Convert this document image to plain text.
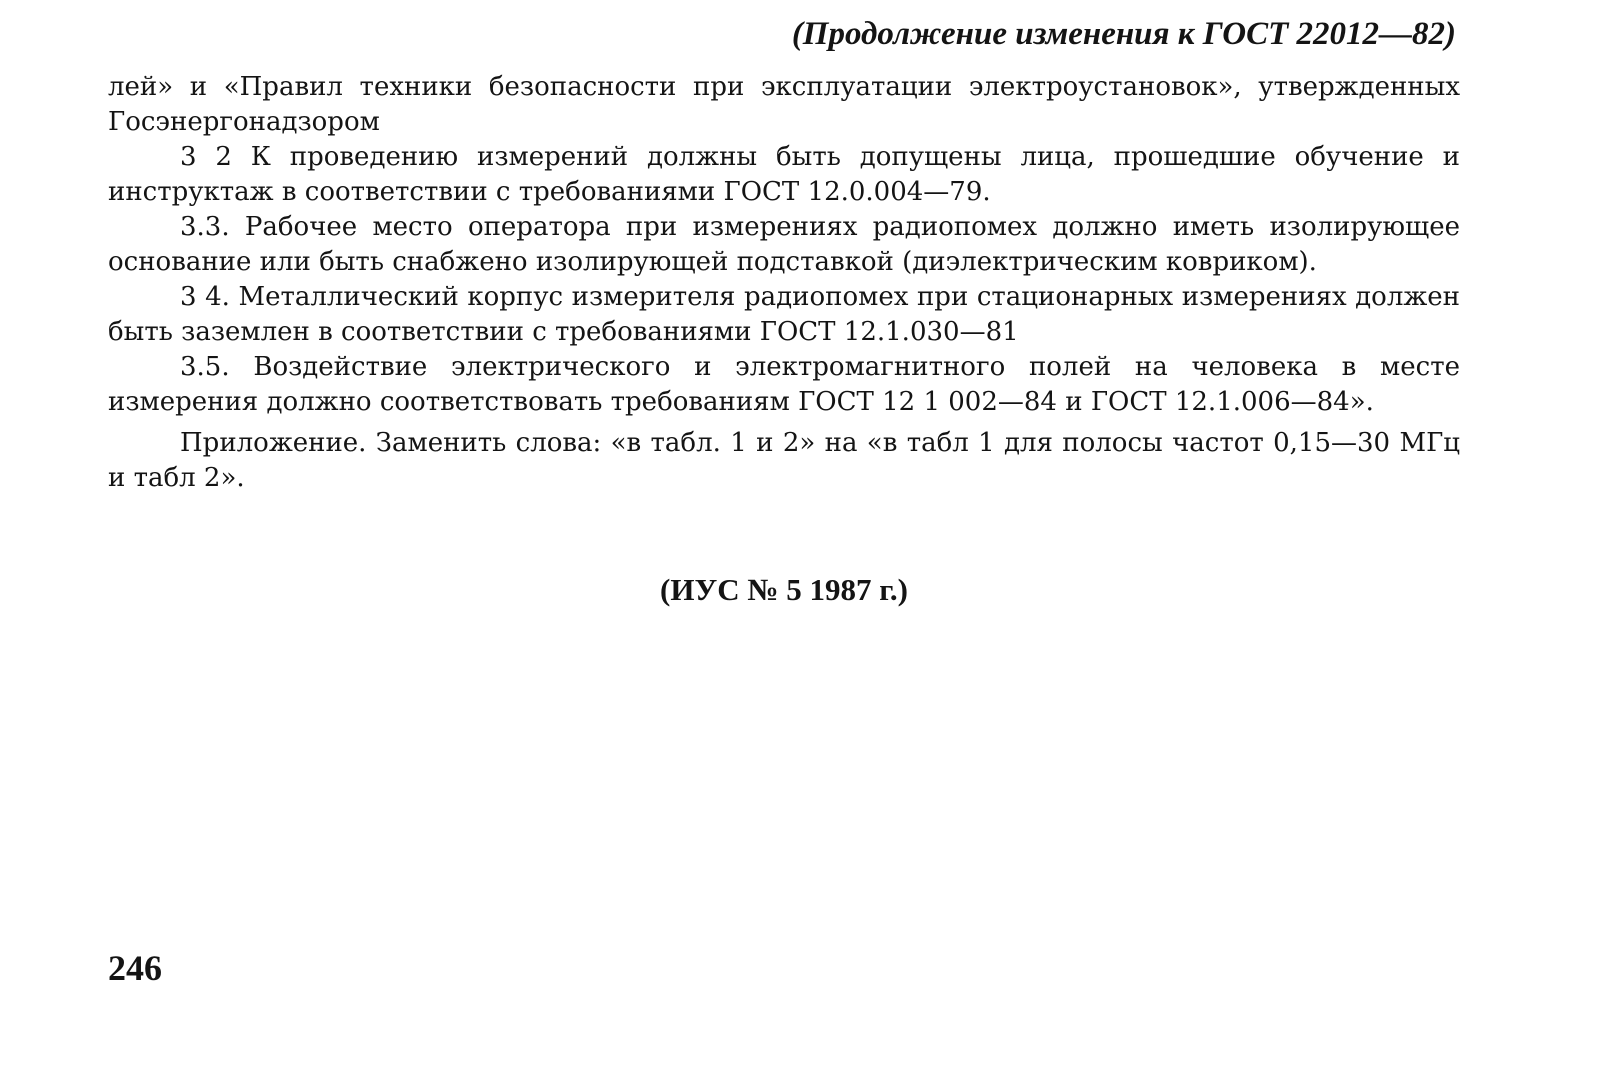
(Продолжение изменения к ГОСТ 22012—82)

лей» и «Правил техники безопасности при эксплуатации электроустановок», утвержденных Госэнергонадзором

3 2 К проведению измерений должны быть допущены лица, прошедшие обучение и инструктаж в соответствии с требованиями ГОСТ 12.0.004—79.

3.3. Рабочее место оператора при измерениях радиопомех должно иметь изолирующее основание или быть снабжено изолирующей подставкой (диэлектрическим ковриком).

3 4. Металлический корпус измерителя радиопомех при стационарных измерениях должен быть заземлен в соответствии с требованиями ГОСТ 12.1.030—81

3.5. Воздействие электрического и электромагнитного полей на человека в месте измерения должно соответствовать требованиям ГОСТ 12 1 002—84 и ГОСТ 12.1.006—84».

Приложение. Заменить слова: «в табл. 1 и 2» на «в табл 1 для полосы частот 0,15—30 МГц и табл 2».

(ИУС № 5 1987 г.)
246
